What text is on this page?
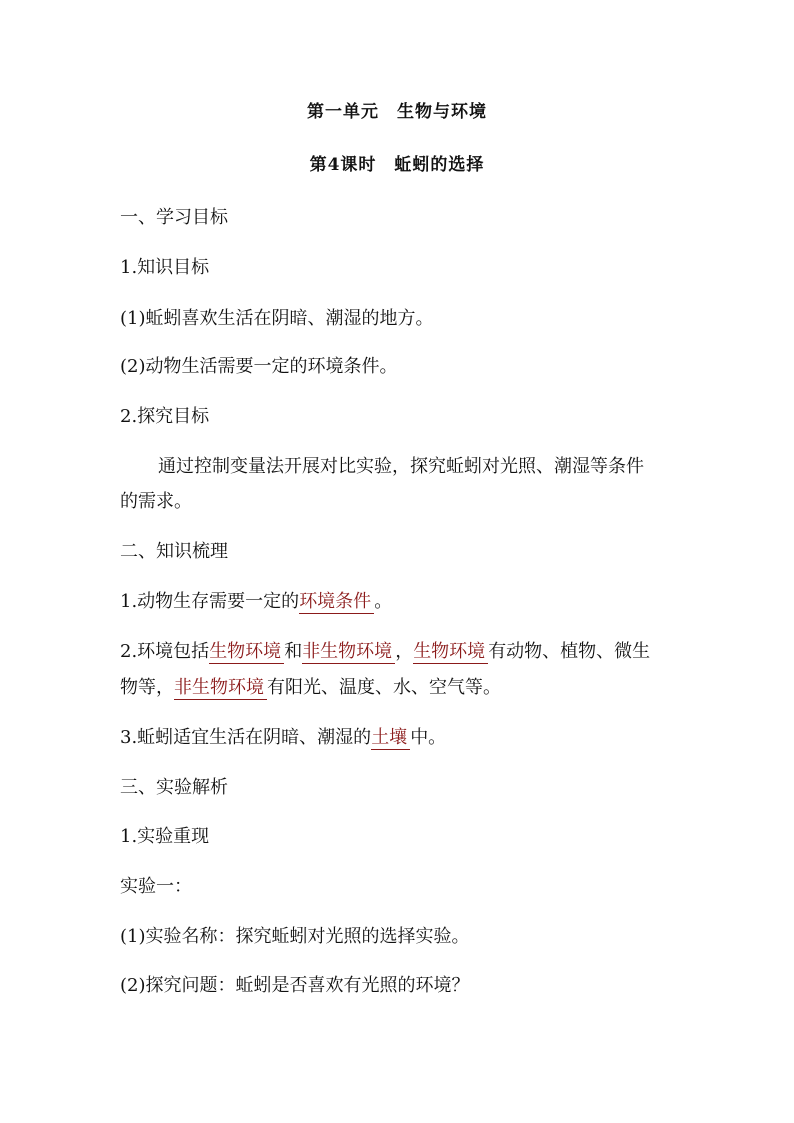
第一单元　生物与环境
第4课时　蚯蚓的选择
一、学习目标
1.知识目标
(1)蚯蚓喜欢生活在阴暗、潮湿的地方。
(2)动物生活需要一定的环境条件。
2.探究目标
通过控制变量法开展对比实验，探究蚯蚓对光照、潮湿等条件
的需求。
二、知识梳理
1.动物生存需要一定的环境条件 。
2.环境包括生物环境 和非生物环境 ，生物环境 有动物、植物、微生
物等，非生物环境 有阳光、温度、水、空气等。
3.蚯蚓适宜生活在阴暗、潮湿的土壤 中。
三、实验解析
1.实验重现
实验一：
(1)实验名称：探究蚯蚓对光照的选择实验。
(2)探究问题：蚯蚓是否喜欢有光照的环境？
